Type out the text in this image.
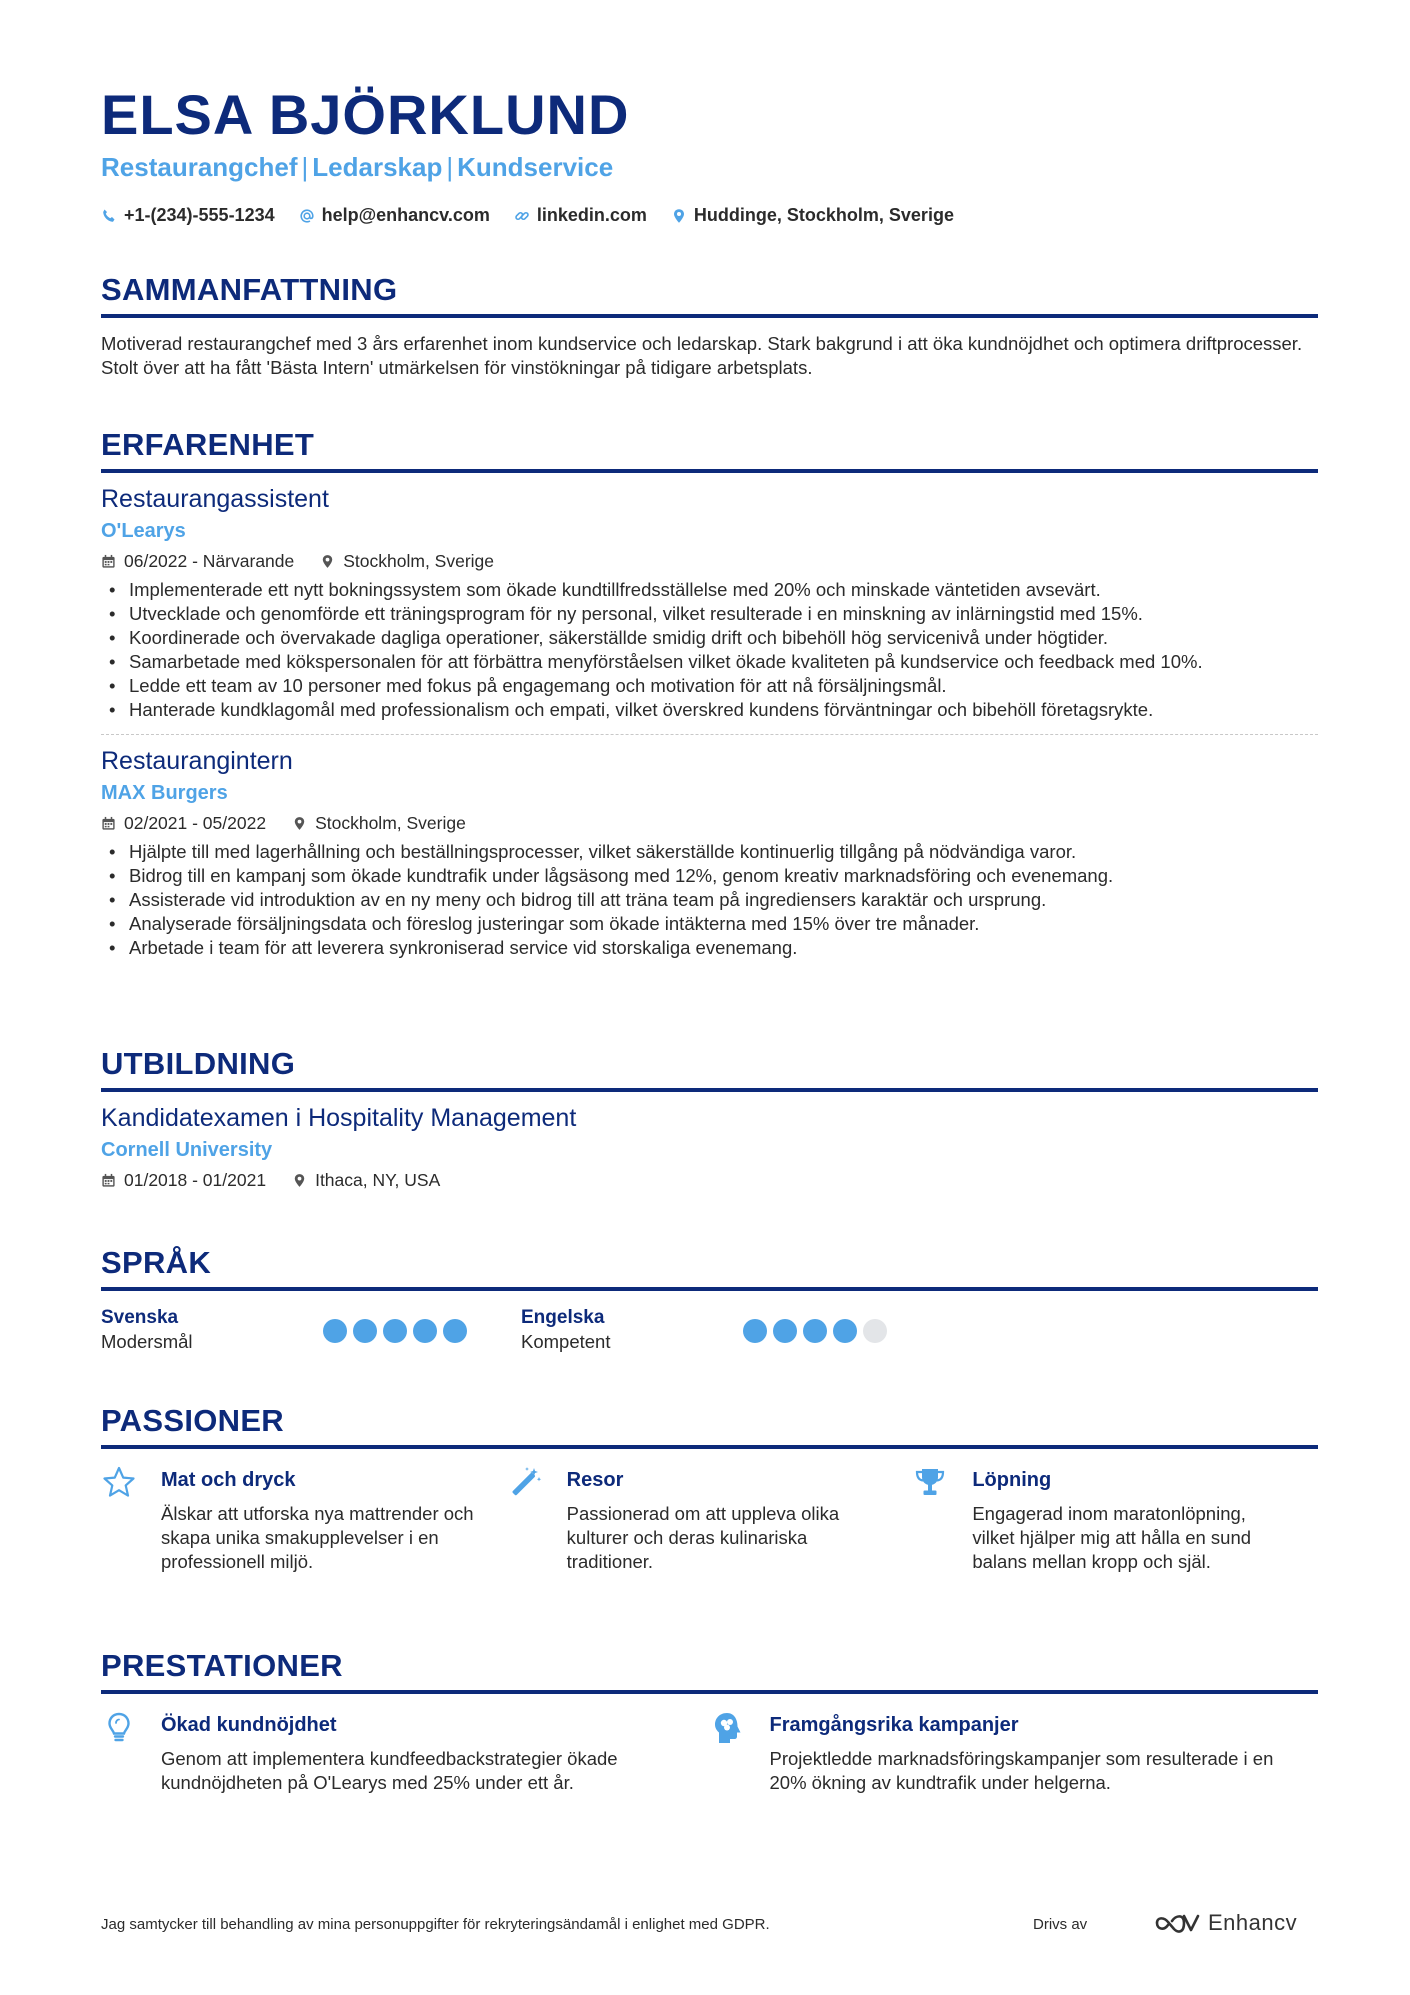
ELSA BJÖRKLUND
Restaurangchef | Ledarskap | Kundservice
+1-(234)-555-1234	help@enhancv.com	linkedin.com	Huddinge, Stockholm, Sverige
SAMMANFATTNING
Motiverad restaurangchef med 3 års erfarenhet inom kundservice och ledarskap. Stark bakgrund i att öka kundnöjdhet och optimera driftprocesser. Stolt över att ha fått 'Bästa Intern' utmärkelsen för vinstökningar på tidigare arbetsplats.
ERFARENHET
Restaurangassistent
O'Learys
06/2022 - Närvarande	Stockholm, Sverige
• Implementerade ett nytt bokningssystem som ökade kundtillfredsställelse med 20% och minskade väntetiden avsevärt.
• Utvecklade och genomförde ett träningsprogram för ny personal, vilket resulterade i en minskning av inlärningstid med 15%.
• Koordinerade och övervakade dagliga operationer, säkerställde smidig drift och bibehöll hög servicenivå under högtider.
• Samarbetade med kökspersonalen för att förbättra menyförståelsen vilket ökade kvaliteten på kundservice och feedback med 10%.
• Ledde ett team av 10 personer med fokus på engagemang och motivation för att nå försäljningsmål.
• Hanterade kundklagomål med professionalism och empati, vilket överskred kundens förväntningar och bibehöll företagsrykte.
Restaurangintern
MAX Burgers
02/2021 - 05/2022	Stockholm, Sverige
• Hjälpte till med lagerhållning och beställningsprocesser, vilket säkerställde kontinuerlig tillgång på nödvändiga varor.
• Bidrog till en kampanj som ökade kundtrafik under lågsäsong med 12%, genom kreativ marknadsföring och evenemang.
• Assisterade vid introduktion av en ny meny och bidrog till att träna team på ingrediensers karaktär och ursprung.
• Analyserade försäljningsdata och föreslog justeringar som ökade intäkterna med 15% över tre månader.
• Arbetade i team för att leverera synkroniserad service vid storskaliga evenemang.
UTBILDNING
Kandidatexamen i Hospitality Management
Cornell University
01/2018 - 01/2021	Ithaca, NY, USA
SPRÅK
Svenska
Modersmål
Engelska
Kompetent
PASSIONER
Mat och dryck
Älskar att utforska nya mattrender och skapa unika smakupplevelser i en professionell miljö.
Resor
Passionerad om att uppleva olika kulturer och deras kulinariska traditioner.
Löpning
Engagerad inom maratonlöpning, vilket hjälper mig att hålla en sund balans mellan kropp och själ.
PRESTATIONER
Ökad kundnöjdhet
Genom att implementera kundfeedbackstrategier ökade kundnöjdheten på O'Learys med 25% under ett år.
Framgångsrika kampanjer
Projektledde marknadsföringskampanjer som resulterade i en 20% ökning av kundtrafik under helgerna.
Jag samtycker till behandling av mina personuppgifter för rekryteringsändamål i enlighet med GDPR.	Drivs av	Enhancv
